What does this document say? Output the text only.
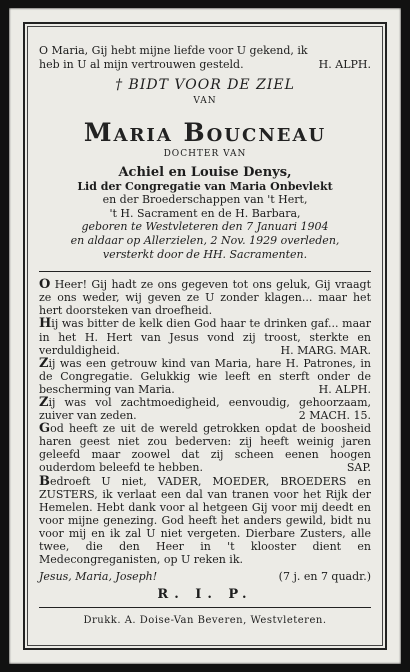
O Maria, Gij hebt mijne liefde voor U gekend, ik
heb in U al mijn vertrouwen gesteld.	H. ALPH.

† BIDT VOOR DE ZIEL
VAN
Maria Boucneau
DOCHTER VAN
Achiel en Louise Denys,
Lid der Congregatie van Maria Onbevlekt
en der Broederschappen van 't Hert,
't H. Sacrament en de H. Barbara,
geboren te Westvleteren den 7 Januari 1904
en aldaar op Allerzielen, 2 Nov. 1929 overleden,
versterkt door de HH. Sacramenten.

O Heer! Gij hadt ze ons gegeven tot ons geluk, Gij vraagt ze ons weder, wij geven ze U zonder klagen... maar het hert doorsteken van droefheid.

Hij was bitter de kelk dien God haar te drinken gaf... maar in het H. Hert van Jesus vond zij troost, sterkte en verduldigheid.	H. MARG. MAR.

Zij was een getrouw kind van Maria, hare H. Patrones, in de Congregatie. Gelukkig wie leeft en sterft onder de bescherming van Maria.	H. ALPH.

Zij was vol zachtmoedigheid, eenvoudig, gehoorzaam, zuiver van zeden.	2 MACH. 15.

God heeft ze uit de wereld getrokken opdat de boosheid haren geest niet zou bederven: zij heeft weinig jaren geleefd maar zoowel dat zij scheen eenen hoogen ouderdom beleefd te hebben.	SAP.

Bedroeft U niet, VADER, MOEDER, BROEDERS en ZUSTERS, ik verlaat een dal van tranen voor het Rijk der Hemelen. Hebt dank voor al hetgeen Gij voor mij deedt en voor mijne genezing. God heeft het anders gewild, bidt nu voor mij en ik zal U niet vergeten. Dierbare Zusters, alle twee, die den Heer in 't klooster dient en Medecongreganisten, op U reken ik.

Jesus, Maria, Joseph!	(7 j. en 7 quadr.)
R. I. P.
Drukk. A. Doise-Van Beveren, Westvleteren.
